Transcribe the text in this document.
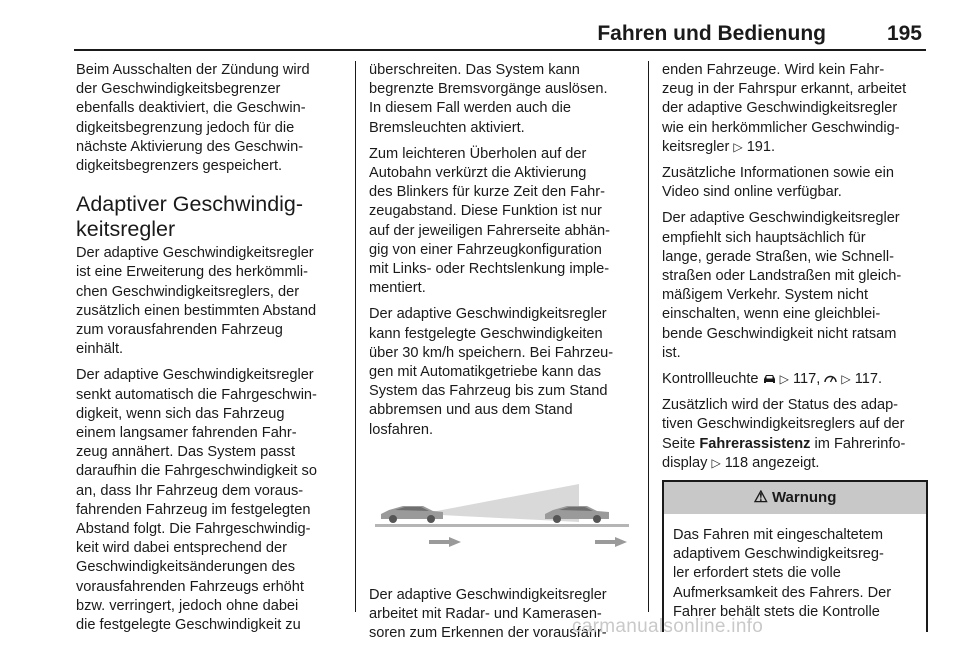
Fahren und Bedienung	195

Beim Ausschalten der Zündung wird
der Geschwindigkeitsbegrenzer
ebenfalls deaktiviert, die Geschwin-
digkeitsbegrenzung jedoch für die
nächste Aktivierung des Geschwin-
digkeitsbegrenzers gespeichert.

Adaptiver Geschwindig-
keitsregler

Der adaptive Geschwindigkeitsregler
ist eine Erweiterung des herkömmli-
chen Geschwindigkeitsreglers, der
zusätzlich einen bestimmten Abstand
zum vorausfahrenden Fahrzeug
einhält.

Der adaptive Geschwindigkeitsregler
senkt automatisch die Fahrgeschwin-
digkeit, wenn sich das Fahrzeug
einem langsamer fahrenden Fahr-
zeug annähert. Das System passt
daraufhin die Fahrgeschwindigkeit so
an, dass Ihr Fahrzeug dem voraus-
fahrenden Fahrzeug im festgelegten
Abstand folgt. Die Fahrgeschwindig-
keit wird dabei entsprechend der
Geschwindigkeitsänderungen des
vorausfahrenden Fahrzeugs erhöht
bzw. verringert, jedoch ohne dabei
die festgelegte Geschwindigkeit zu

überschreiten. Das System kann
begrenzte Bremsvorgänge auslösen.
In diesem Fall werden auch die
Bremsleuchten aktiviert.

Zum leichteren Überholen auf der
Autobahn verkürzt die Aktivierung
des Blinkers für kurze Zeit den Fahr-
zeugabstand. Diese Funktion ist nur
auf der jeweiligen Fahrerseite abhän-
gig von einer Fahrzeugkonfiguration
mit Links- oder Rechtslenkung imple-
mentiert.

Der adaptive Geschwindigkeitsregler
kann festgelegte Geschwindigkeiten
über 30 km/h speichern. Bei Fahrzeu-
gen mit Automatikgetriebe kann das
System das Fahrzeug bis zum Stand
abbremsen und aus dem Stand
losfahren.

Der adaptive Geschwindigkeitsregler
arbeitet mit Radar- und Kamerasen-
soren zum Erkennen der vorausfahr-

enden Fahrzeuge. Wird kein Fahr-
zeug in der Fahrspur erkannt, arbeitet
der adaptive Geschwindigkeitsregler
wie ein herkömmlicher Geschwindig-
keitsregler ▷ 191.

Zusätzliche Informationen sowie ein
Video sind online verfügbar.

Der adaptive Geschwindigkeitsregler
empfiehlt sich hauptsächlich für
lange, gerade Straßen, wie Schnell-
straßen oder Landstraßen mit gleich-
mäßigem Verkehr. System nicht
einschalten, wenn eine gleichblei-
bende Geschwindigkeit nicht ratsam
ist.

Kontrollleuchte ▷ 117, ▷ 117.

Zusätzlich wird der Status des adap-
tiven Geschwindigkeitsreglers auf der
Seite Fahrerassistenz im Fahrerinfo-
display ▷ 118 angezeigt.

⚠ Warnung
Das Fahren mit eingeschaltetem
adaptivem Geschwindigkeitsreg-
ler erfordert stets die volle
Aufmerksamkeit des Fahrers. Der
Fahrer behält stets die Kontrolle
carmanualsonline.info
